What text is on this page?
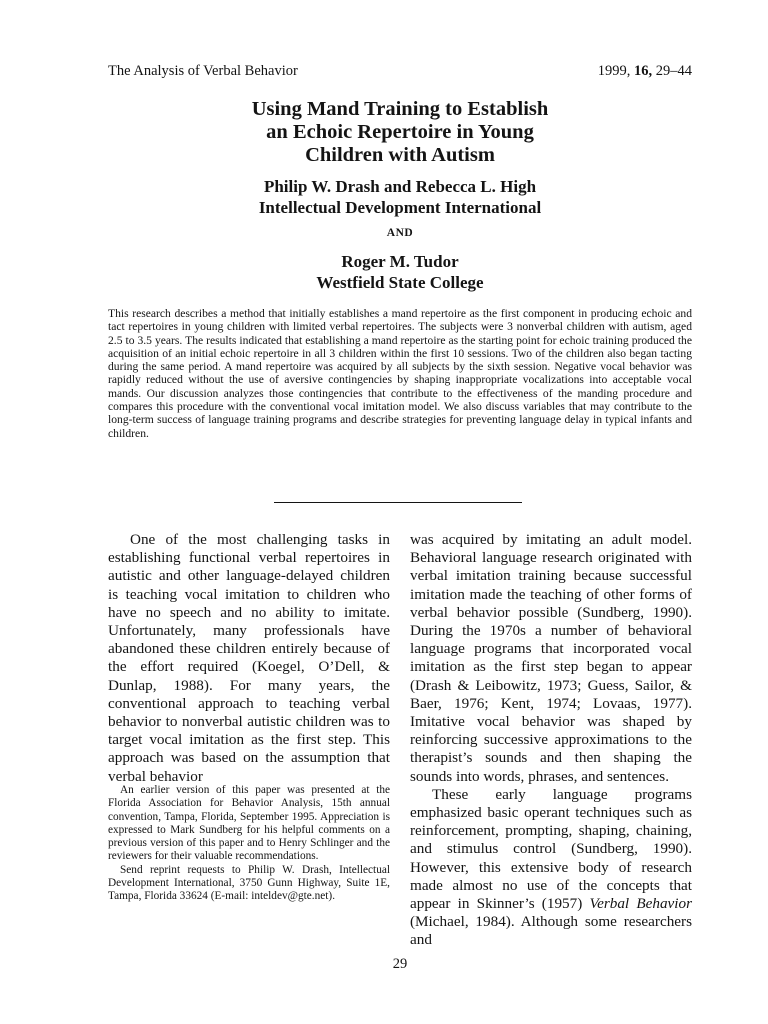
The Analysis of Verbal Behavior	1999, 16, 29–44
Using Mand Training to Establish
an Echoic Repertoire in Young
Children with Autism
Philip W. Drash and Rebecca L. High
Intellectual Development International
AND
Roger M. Tudor
Westfield State College
This research describes a method that initially establishes a mand repertoire as the first component in producing echoic and tact repertoires in young children with limited verbal repertoires. The subjects were 3 nonverbal children with autism, aged 2.5 to 3.5 years. The results indicated that establishing a mand repertoire as the starting point for echoic training produced the acquisition of an initial echoic repertoire in all 3 children within the first 10 sessions. Two of the children also began tacting during the same period. A mand repertoire was acquired by all subjects by the sixth session. Negative vocal behavior was rapidly reduced without the use of aversive contingencies by shaping inappropriate vocalizations into acceptable vocal mands. Our discussion analyzes those contingencies that contribute to the effectiveness of the manding procedure and compares this procedure with the conventional vocal imitation model. We also discuss variables that may contribute to the long-term success of language training programs and describe strategies for preventing language delay in typical infants and children.

One of the most challenging tasks in establishing functional verbal repertoires in autistic and other language-delayed children is teaching vocal imitation to children who have no speech and no ability to imitate. Unfortunately, many professionals have abandoned these children entirely because of the effort required (Koegel, O’Dell, & Dunlap, 1988). For many years, the conventional approach to teaching verbal behavior to nonverbal autistic children was to target vocal imitation as the first step. This approach was based on the assumption that verbal behavior

was acquired by imitating an adult model. Behavioral language research originated with verbal imitation training because successful imitation made the teaching of other forms of verbal behavior possible (Sundberg, 1990). During the 1970s a number of behavioral language programs that incorporated vocal imitation as the first step began to appear (Drash & Leibowitz, 1973; Guess, Sailor, & Baer, 1976; Kent, 1974; Lovaas, 1977). Imitative vocal behavior was shaped by reinforcing successive approximations to the therapist’s sounds and then shaping the sounds into words, phrases, and sentences.

These early language programs emphasized basic operant techniques such as reinforcement, prompting, shaping, chaining, and stimulus control (Sundberg, 1990). However, this extensive body of research made almost no use of the concepts that appear in Skinner’s (1957) Verbal Behavior (Michael, 1984). Although some researchers and

An earlier version of this paper was presented at the Florida Association for Behavior Analysis, 15th annual convention, Tampa, Florida, September 1995. Appreciation is expressed to Mark Sundberg for his helpful comments on a previous version of this paper and to Henry Schlinger and the reviewers for their valuable recommendations.

Send reprint requests to Philip W. Drash, Intellectual Development International, 3750 Gunn Highway, Suite 1E, Tampa, Florida 33624 (E-mail: inteldev@gte.net).

29
